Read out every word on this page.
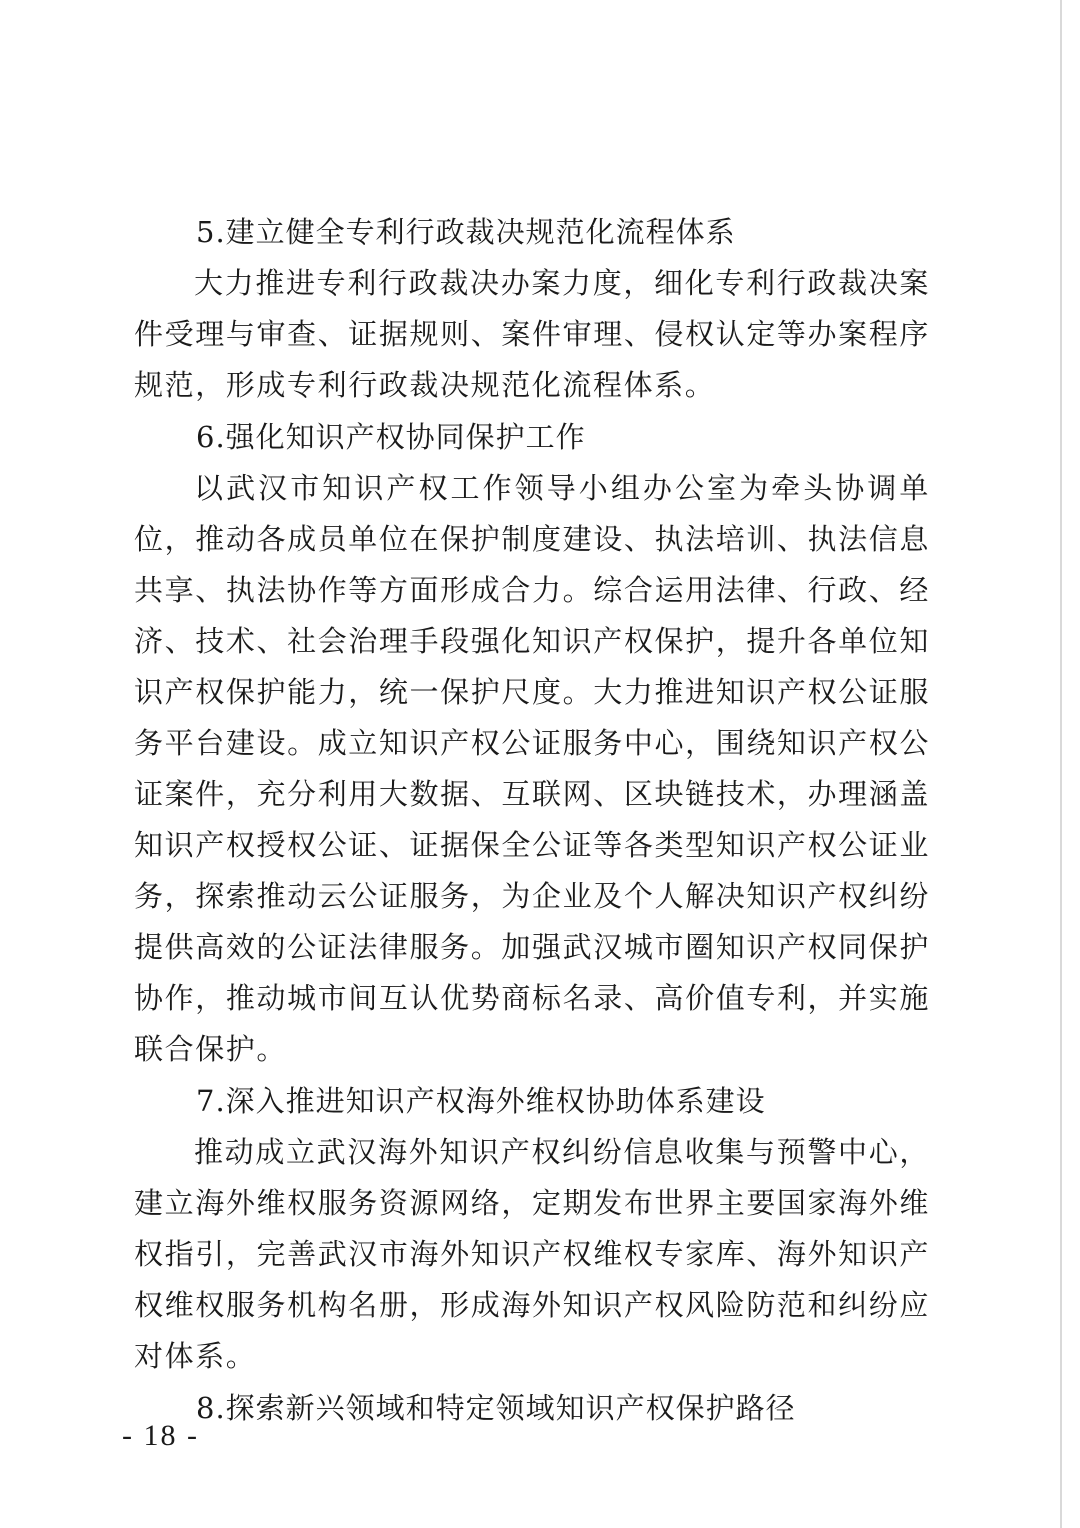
5.建立健全专利行政裁决规范化流程体系

大力推进专利行政裁决办案力度，细化专利行政裁决案件受理与审查、证据规则、案件审理、侵权认定等办案程序规范，形成专利行政裁决规范化流程体系。

6.强化知识产权协同保护工作

以武汉市知识产权工作领导小组办公室为牵头协调单位，推动各成员单位在保护制度建设、执法培训、执法信息共享、执法协作等方面形成合力。综合运用法律、行政、经济、技术、社会治理手段强化知识产权保护，提升各单位知识产权保护能力，统一保护尺度。大力推进知识产权公证服务平台建设。成立知识产权公证服务中心，围绕知识产权公证案件，充分利用大数据、互联网、区块链技术，办理涵盖知识产权授权公证、证据保全公证等各类型知识产权公证业务，探索推动云公证服务，为企业及个人解决知识产权纠纷提供高效的公证法律服务。加强武汉城市圈知识产权同保护协作，推动城市间互认优势商标名录、高价值专利，并实施联合保护。

7.深入推进知识产权海外维权协助体系建设

推动成立武汉海外知识产权纠纷信息收集与预警中心，建立海外维权服务资源网络，定期发布世界主要国家海外维权指引，完善武汉市海外知识产权维权专家库、海外知识产权维权服务机构名册，形成海外知识产权风险防范和纠纷应对体系。

8.探索新兴领域和特定领域知识产权保护路径
- 18 -
